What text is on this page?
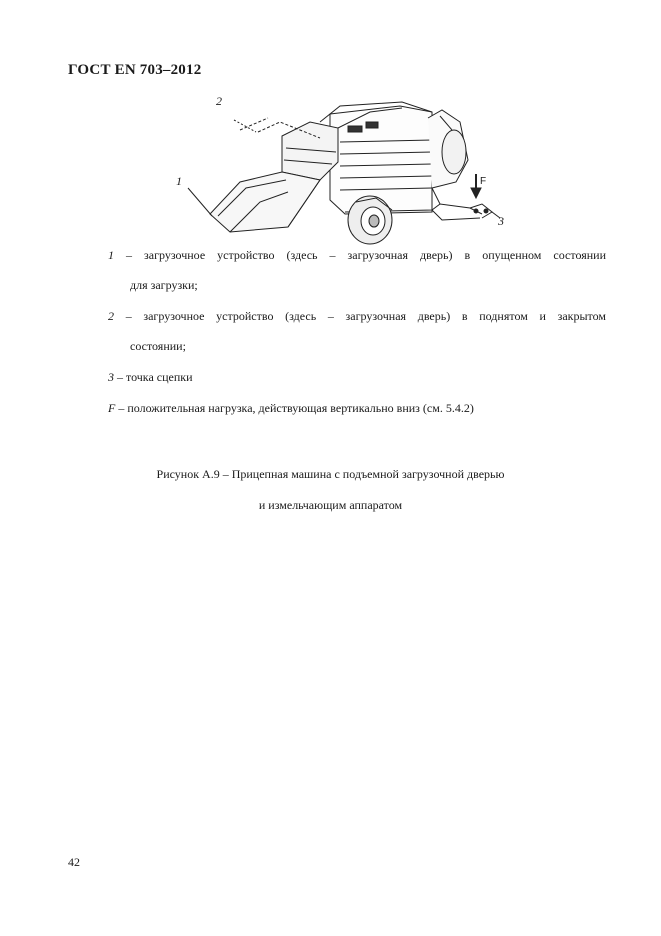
ГОСТ EN 703–2012
1
2
3
F
1 – загрузочное устройство (здесь – загрузочная дверь) в опущенном состоянии
для загрузки;
2 – загрузочное устройство (здесь – загрузочная дверь) в поднятом и закрытом
состоянии;
3 – точка сцепки
F – положительная нагрузка, действующая вертикально вниз (см. 5.4.2)
Рисунок А.9 – Прицепная машина с подъемной загрузочной дверью
и измельчающим аппаратом
42
